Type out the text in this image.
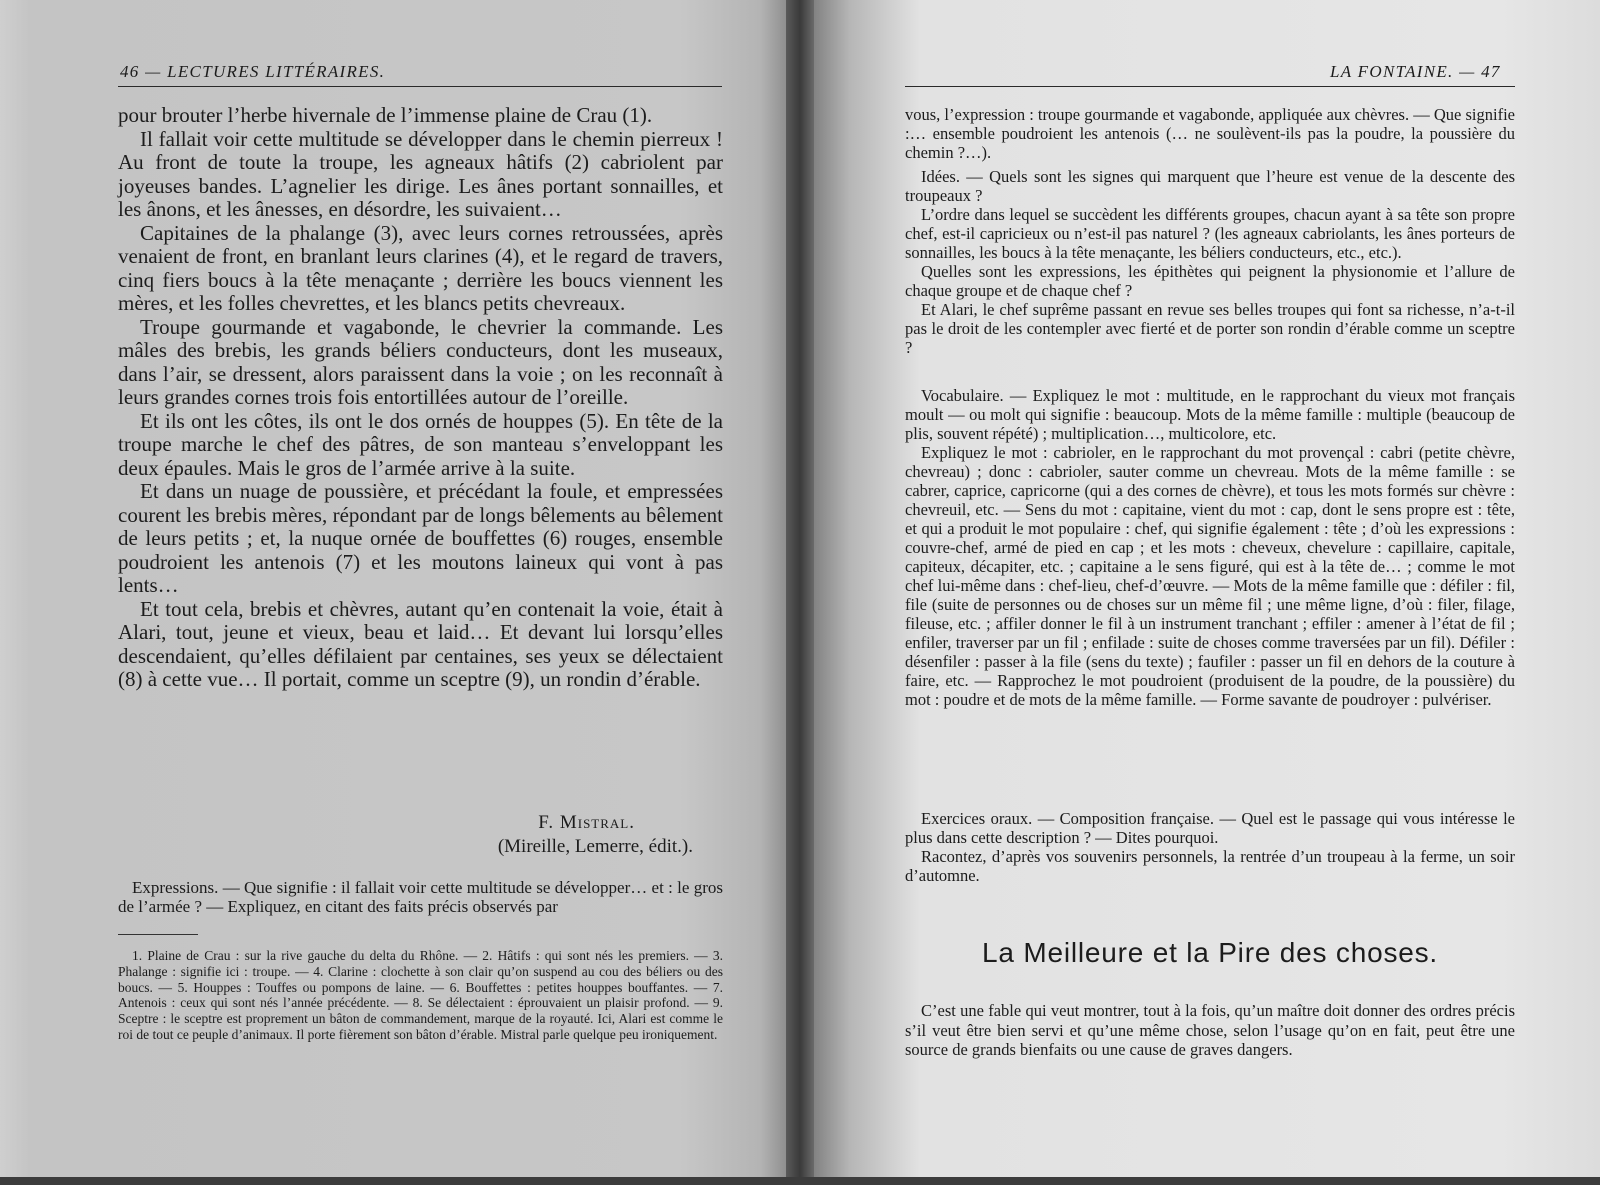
46 — LECTURES LITTÉRAIRES.

pour brouter l’herbe hivernale de l’immense plaine de Crau (1).

Il fallait voir cette multitude se développer dans le chemin pierreux ! Au front de toute la troupe, les agneaux hâtifs (2) cabriolent par joyeuses bandes. L’agnelier les dirige. Les ânes portant sonnailles, et les ânons, et les ânesses, en désordre, les suivaient…

Capitaines de la phalange (3), avec leurs cornes retroussées, après venaient de front, en branlant leurs clarines (4), et le regard de travers, cinq fiers boucs à la tête menaçante ; derrière les boucs viennent les mères, et les folles chevrettes, et les blancs petits chevreaux.

Troupe gourmande et vagabonde, le chevrier la commande. Les mâles des brebis, les grands béliers conducteurs, dont les museaux, dans l’air, se dressent, alors paraissent dans la voie ; on les reconnaît à leurs grandes cornes trois fois entortillées autour de l’oreille.

Et ils ont les côtes, ils ont le dos ornés de houppes (5). En tête de la troupe marche le chef des pâtres, de son manteau s’enveloppant les deux épaules. Mais le gros de l’armée arrive à la suite.

Et dans un nuage de poussière, et précédant la foule, et empressées courent les brebis mères, répondant par de longs bêlements au bêlement de leurs petits ; et, la nuque ornée de bouffettes (6) rouges, ensemble poudroient les antenois (7) et les moutons laineux qui vont à pas lents…

Et tout cela, brebis et chèvres, autant qu’en contenait la voie, était à Alari, tout, jeune et vieux, beau et laid… Et devant lui lorsqu’elles descendaient, qu’elles défilaient par centaines, ses yeux se délectaient (8) à cette vue… Il portait, comme un sceptre (9), un rondin d’érable.

F. Mistral.
(Mireille, Lemerre, édit.).

Expressions. — Que signifie : il fallait voir cette multitude se développer… et : le gros de l’armée ? — Expliquez, en citant des faits précis observés par

1. Plaine de Crau : sur la rive gauche du delta du Rhône. — 2. Hâtifs : qui sont nés les premiers. — 3. Phalange : signifie ici : troupe. — 4. Clarine : clochette à son clair qu’on suspend au cou des béliers ou des boucs. — 5. Houppes : Touffes ou pompons de laine. — 6. Bouffettes : petites houppes bouffantes. — 7. Antenois : ceux qui sont nés l’année précédente. — 8. Se délectaient : éprouvaient un plaisir profond. — 9. Sceptre : le sceptre est proprement un bâton de commandement, marque de la royauté. Ici, Alari est comme le roi de tout ce peuple d’animaux. Il porte fièrement son bâton d’érable. Mistral parle quelque peu ironiquement.

LA FONTAINE. — 47

vous, l’expression : troupe gourmande et vagabonde, appliquée aux chèvres. — Que signifie :… ensemble poudroient les antenois (… ne soulèvent-ils pas la poudre, la poussière du chemin ?…).

Idées. — Quels sont les signes qui marquent que l’heure est venue de la descente des troupeaux ?

L’ordre dans lequel se succèdent les différents groupes, chacun ayant à sa tête son propre chef, est-il capricieux ou n’est-il pas naturel ? (les agneaux cabriolants, les ânes porteurs de sonnailles, les boucs à la tête menaçante, les béliers conducteurs, etc., etc.).

Quelles sont les expressions, les épithètes qui peignent la physionomie et l’allure de chaque groupe et de chaque chef ?

Et Alari, le chef suprême passant en revue ses belles troupes qui font sa richesse, n’a-t-il pas le droit de les contempler avec fierté et de porter son rondin d’érable comme un sceptre ?

Vocabulaire. — Expliquez le mot : multitude, en le rapprochant du vieux mot français moult — ou molt qui signifie : beaucoup. Mots de la même famille : multiple (beaucoup de plis, souvent répété) ; multiplication…, multicolore, etc.

Expliquez le mot : cabrioler, en le rapprochant du mot provençal : cabri (petite chèvre, chevreau) ; donc : cabrioler, sauter comme un chevreau. Mots de la même famille : se cabrer, caprice, capricorne (qui a des cornes de chèvre), et tous les mots formés sur chèvre : chevreuil, etc. — Sens du mot : capitaine, vient du mot : cap, dont le sens propre est : tête, et qui a produit le mot populaire : chef, qui signifie également : tête ; d’où les expressions : couvre-chef, armé de pied en cap ; et les mots : cheveux, chevelure : capillaire, capitale, capiteux, décapiter, etc. ; capitaine a le sens figuré, qui est à la tête de… ; comme le mot chef lui-même dans : chef-lieu, chef-d’œuvre. — Mots de la même famille que : défiler : fil, file (suite de personnes ou de choses sur un même fil ; une même ligne, d’où : filer, filage, fileuse, etc. ; affiler donner le fil à un instrument tranchant ; effiler : amener à l’état de fil ; enfiler, traverser par un fil ; enfilade : suite de choses comme traversées par un fil). Défiler : désenfiler : passer à la file (sens du texte) ; faufiler : passer un fil en dehors de la couture à faire, etc. — Rapprochez le mot poudroient (produisent de la poudre, de la poussière) du mot : poudre et de mots de la même famille. — Forme savante de poudroyer : pulvériser.

Exercices oraux. — Composition française. — Quel est le passage qui vous intéresse le plus dans cette description ? — Dites pourquoi.

Racontez, d’après vos souvenirs personnels, la rentrée d’un troupeau à la ferme, un soir d’automne.

La Meilleure et la Pire des choses.

C’est une fable qui veut montrer, tout à la fois, qu’un maître doit donner des ordres précis s’il veut être bien servi et qu’une même chose, selon l’usage qu’on en fait, peut être une source de grands bienfaits ou une cause de graves dangers.
